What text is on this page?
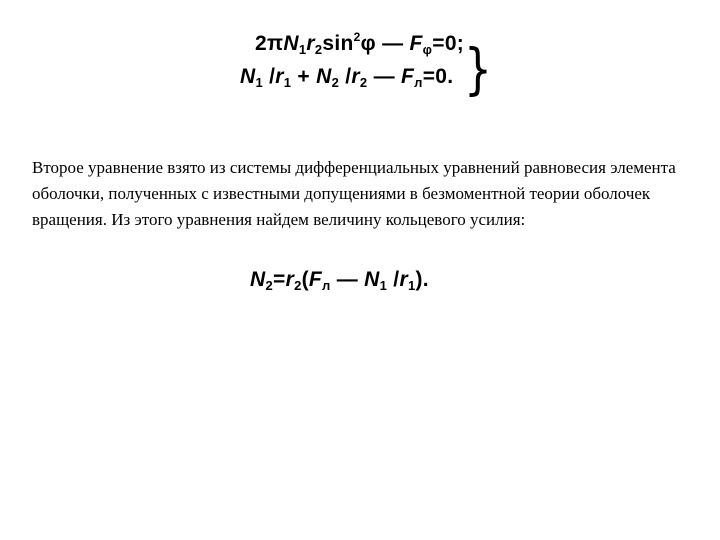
$2\pi N_1r_2\sin^2\varphi$ — $F_\varphi=0$;
$N_1$ $/r_1 + N_2$ $/r_2$ — $F_л=0$. }

Второе уравнение взято из системы дифференциальных уравнений равновесия элемента оболочки, полученных с известными допущениями в безмоментной теории оболочек вращения. Из этого уравнения найдем величину кольцевого усилия:

$N_2=r_2(F_л$ — $N_1$ $/r_1$).
